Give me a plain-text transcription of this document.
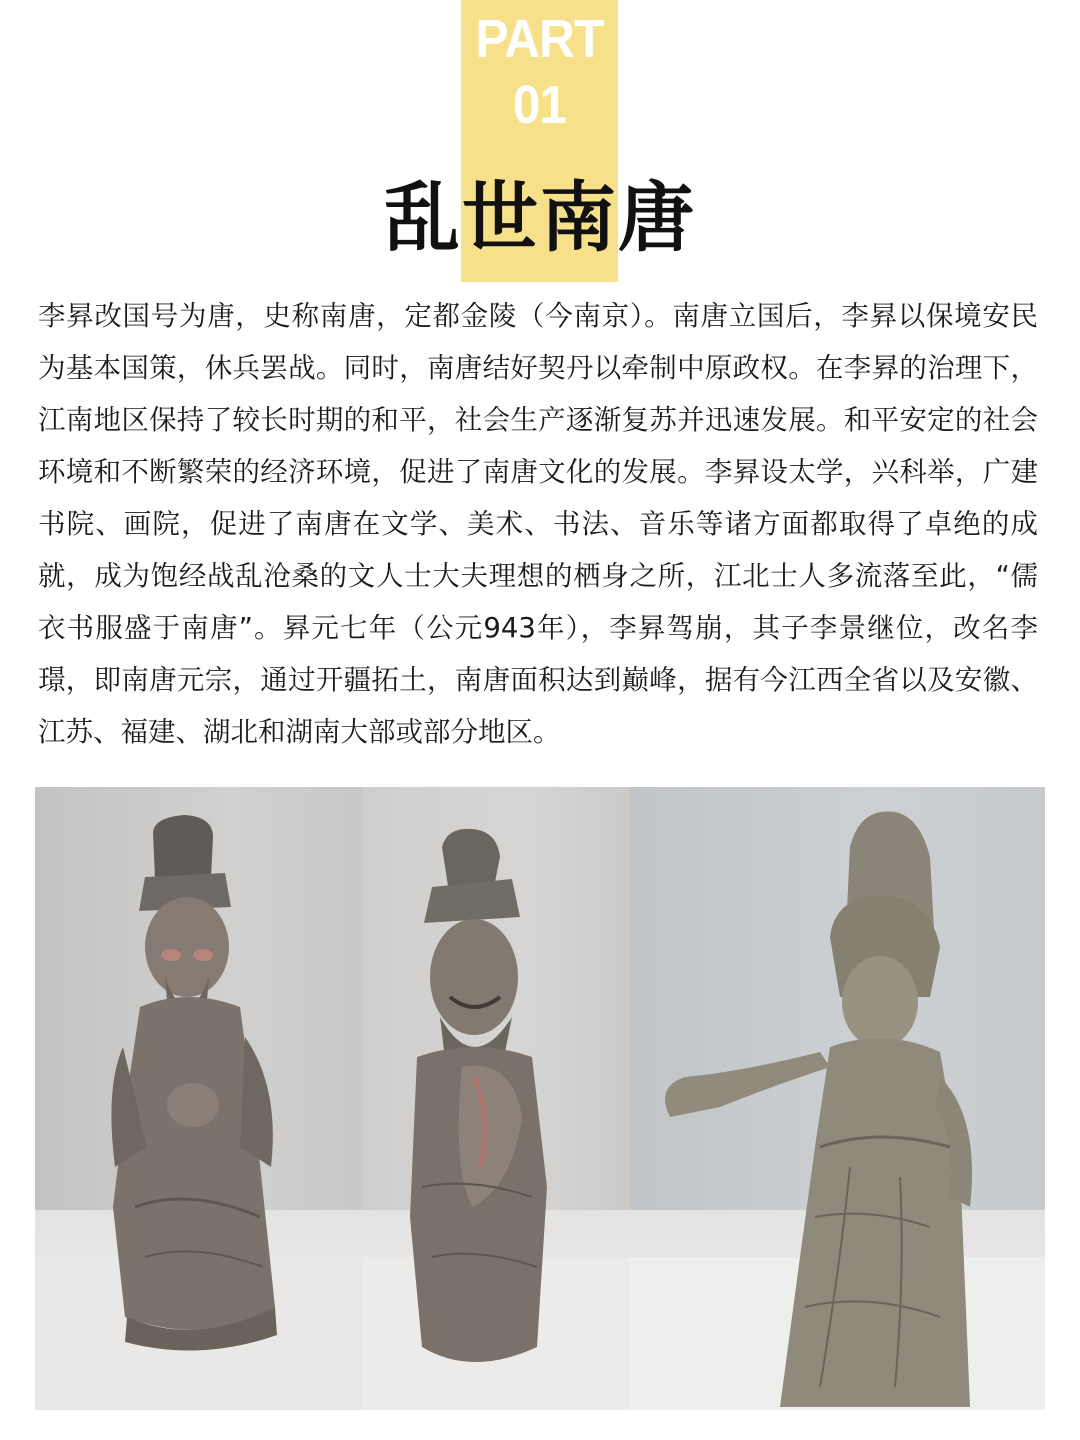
PART
01
乱世南唐
李昪改国号为唐，史称南唐，定都金陵（今南京）。南唐立国后，李昪以保境安民为基本国策，休兵罢战。同时，南唐结好契丹以牵制中原政权。在李昪的治理下，江南地区保持了较长时期的和平，社会生产逐渐复苏并迅速发展。和平安定的社会环境和不断繁荣的经济环境，促进了南唐文化的发展。李昪设太学，兴科举，广建书院、画院，促进了南唐在文学、美术、书法、音乐等诸方面都取得了卓绝的成就，成为饱经战乱沧桑的文人士大夫理想的栖身之所，江北士人多流落至此，“儒衣书服盛于南唐”。昪元七年（公元943年），李昪驾崩，其子李景继位，改名李璟，即南唐元宗，通过开疆拓土，南唐面积达到巅峰，据有今江西全省以及安徽、江苏、福建、湖北和湖南大部或部分地区。
